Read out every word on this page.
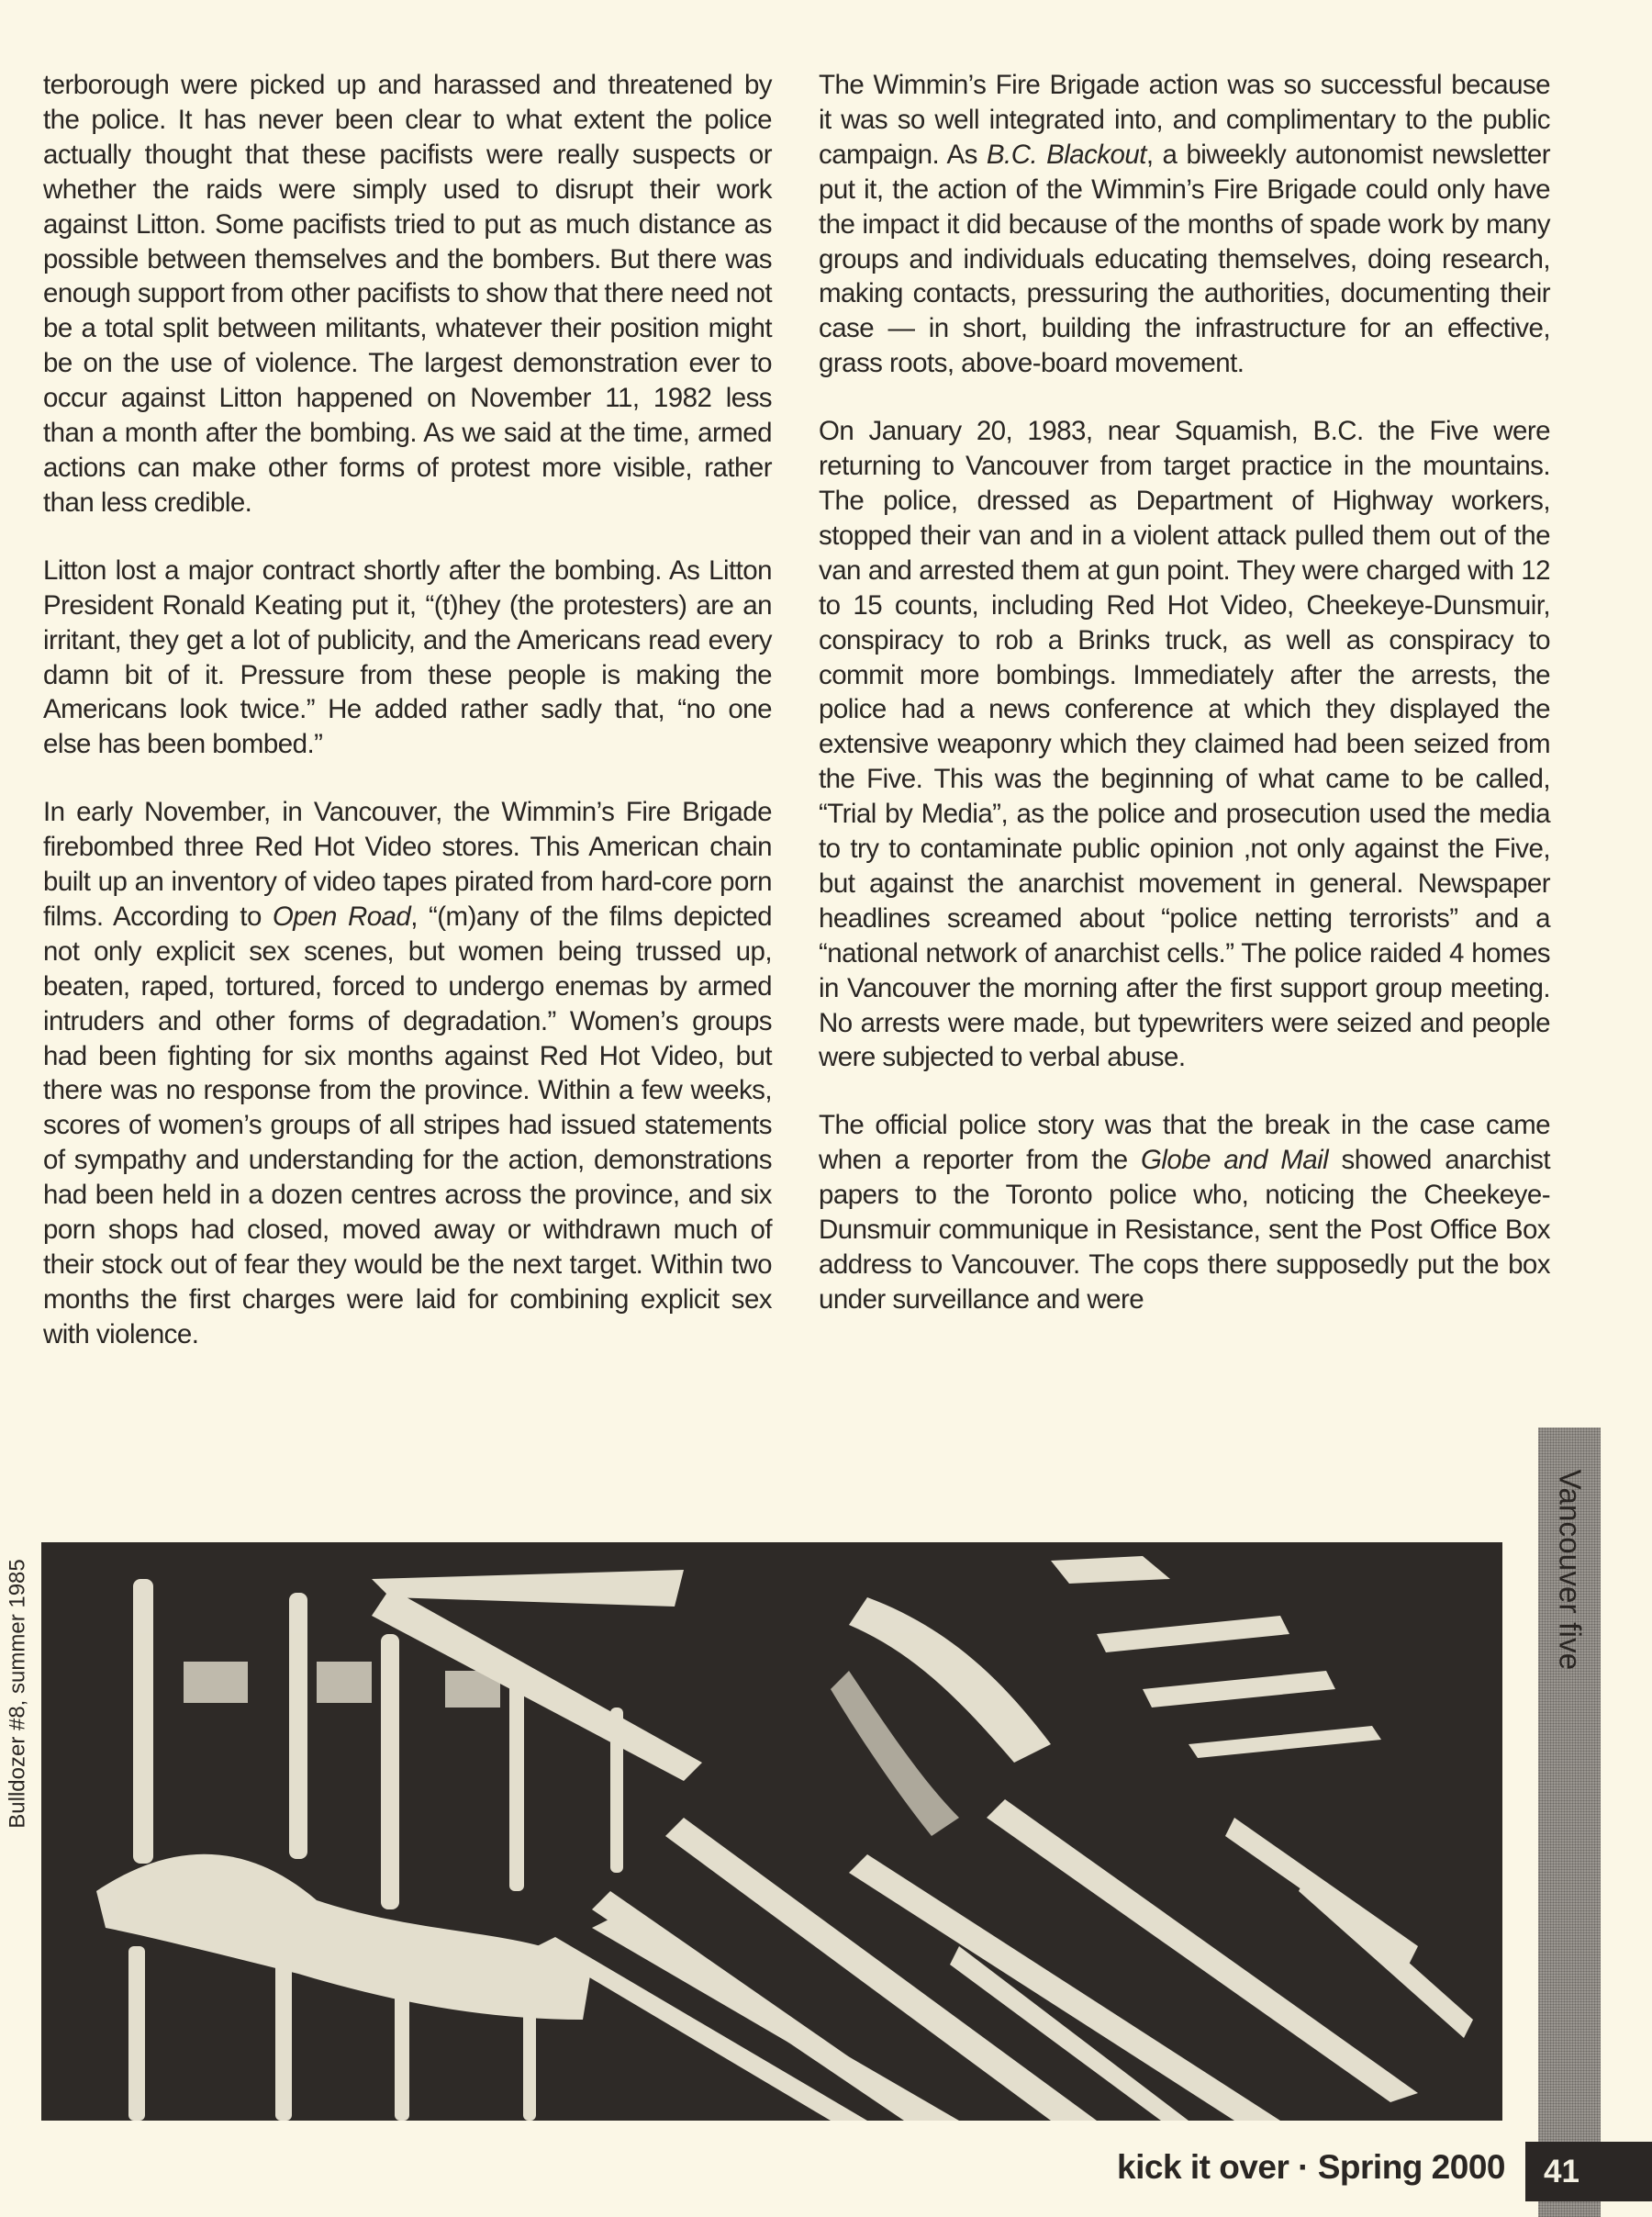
terborough were picked up and harassed and threatened by the police. It has never been clear to what extent the police actually thought that these pacifists were really suspects or whether the raids were simply used to disrupt their work against Litton. Some pacifists tried to put as much distance as possible between themselves and the bombers. But there was enough support from other pacifists to show that there need not be a total split between militants, whatever their position might be on the use of violence. The largest demonstration ever to occur against Litton happened on November 11, 1982 less than a month after the bombing. As we said at the time, armed actions can make other forms of protest more visible, rather than less credible.

Litton lost a major contract shortly after the bombing. As Litton President Ronald Keating put it, “(t)hey (the protesters) are an irritant, they get a lot of publicity, and the Americans read every damn bit of it. Pressure from these people is making the Americans look twice.” He added rather sadly that, “no one else has been bombed.”

In early November, in Vancouver, the Wimmin’s Fire Brigade firebombed three Red Hot Video stores. This American chain built up an inventory of video tapes pirated from hard-core porn films. According to Open Road, “(m)any of the films depicted not only explicit sex scenes, but women being trussed up, beaten, raped, tortured, forced to undergo enemas by armed intruders and other forms of degradation.” Women’s groups had been fighting for six months against Red Hot Video, but there was no response from the province. Within a few weeks, scores of women’s groups of all stripes had issued statements of sympathy and understanding for the action, demonstrations had been held in a dozen centres across the province, and six porn shops had closed, moved away or withdrawn much of their stock out of fear they would be the next target. Within two months the first charges were laid for combining explicit sex with violence.

The Wimmin’s Fire Brigade action was so successful because it was so well integrated into, and complimentary to the public campaign. As B.C. Blackout, a biweekly autonomist newsletter put it, the action of the Wimmin’s Fire Brigade could only have the impact it did because of the months of spade work by many groups and individuals educating themselves, doing research, making contacts, pressuring the authorities, documenting their case — in short, building the infrastructure for an effective, grass roots, above-board movement.

On January 20, 1983, near Squamish, B.C. the Five were returning to Vancouver from target practice in the mountains. The police, dressed as Department of Highway workers, stopped their van and in a violent attack pulled them out of the van and arrested them at gun point. They were charged with 12 to 15 counts, including Red Hot Video, Cheekeye-Dunsmuir, conspiracy to rob a Brinks truck, as well as conspiracy to commit more bombings. Immediately after the arrests, the police had a news conference at which they displayed the extensive weaponry which they claimed had been seized from the Five. This was the beginning of what came to be called, “Trial by Media”, as the police and prosecution used the media to try to contaminate public opinion ,not only against the Five, but against the anarchist movement in general. Newspaper headlines screamed about “police netting terrorists” and a “national network of anarchist cells.” The police raided 4 homes in Vancouver the morning after the first support group meeting. No arrests were made, but typewriters were seized and people were subjected to verbal abuse.

The official police story was that the break in the case came when a reporter from the Globe and Mail showed anarchist papers to the Toronto police who, noticing the Cheekeye-Dunsmuir communique in Resistance, sent the Post Office Box address to Vancouver. The cops there supposedly put the box under surveillance and were

Vancouver five
Bulldozer #8, summer 1985
kick it over · Spring 2000	41
